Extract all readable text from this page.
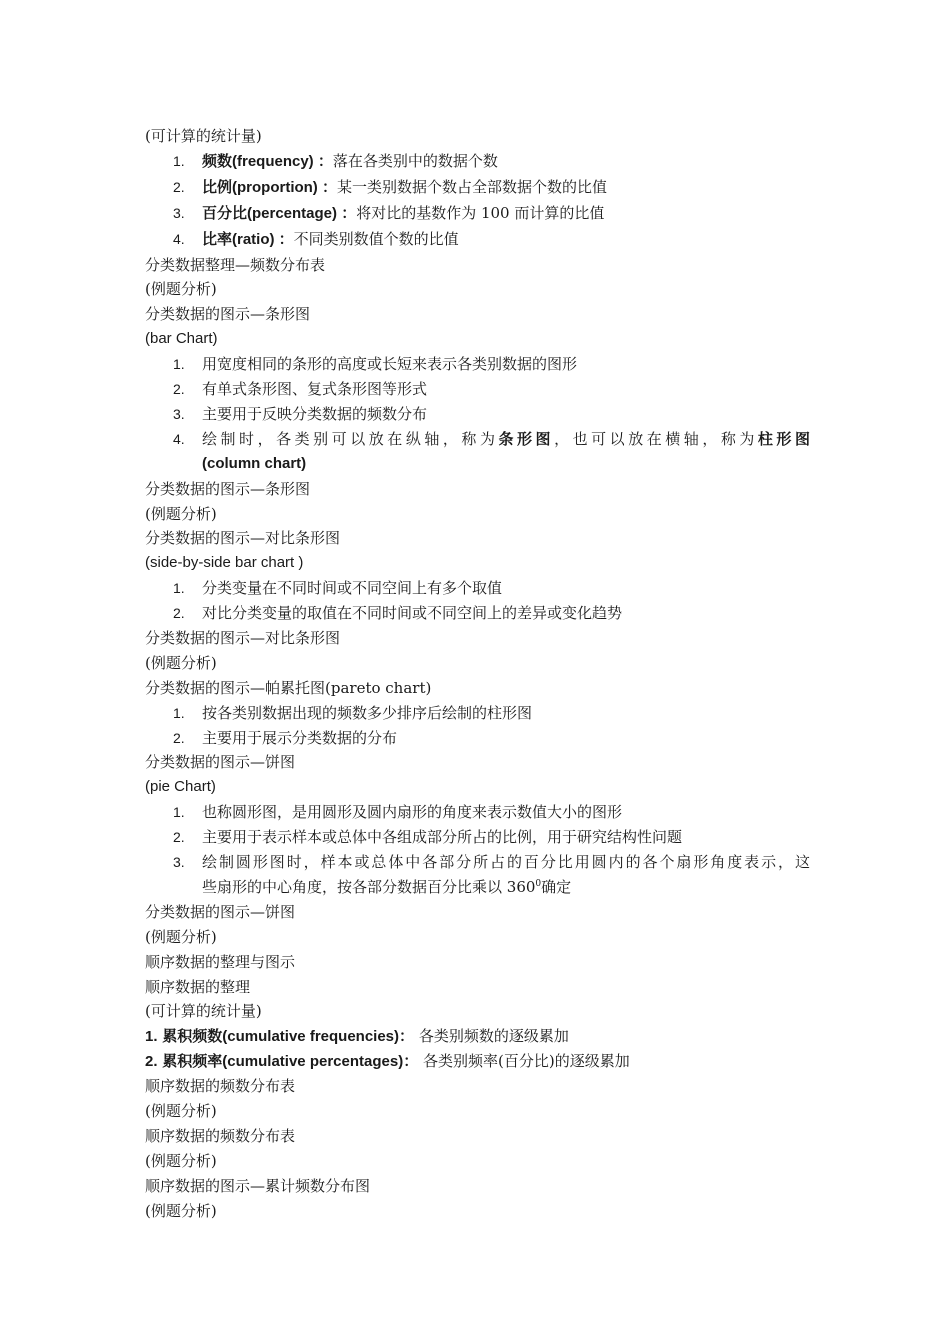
(可计算的统计量)
1. 频数(frequency) ：落在各类别中的数据个数
2. 比例(proportion) ：某一类别数据个数占全部数据个数的比值
3. 百分比(percentage) ：将对比的基数作为 100 而计算的比值
4. 比率(ratio) ：不同类别数值个数的比值
分类数据整理—频数分布表
(例题分析)
分类数据的图示—条形图
(bar Chart)
1. 用宽度相同的条形的高度或长短来表示各类别数据的图形
2. 有单式条形图、复式条形图等形式
3. 主要用于反映分类数据的频数分布
4. 绘制时，各类别可以放在纵轴，称为条形图，也可以放在横轴，称为柱形图
(column chart)
分类数据的图示—条形图
(例题分析)
分类数据的图示—对比条形图
(side-by-side bar chart )
1. 分类变量在不同时间或不同空间上有多个取值
2. 对比分类变量的取值在不同时间或不同空间上的差异或变化趋势
分类数据的图示—对比条形图
(例题分析)
分类数据的图示—帕累托图(pareto chart)
1. 按各类别数据出现的频数多少排序后绘制的柱形图
2. 主要用于展示分类数据的分布
分类数据的图示—饼图
(pie Chart)
1. 也称圆形图，是用圆形及圆内扇形的角度来表示数值大小的图形
2. 主要用于表示样本或总体中各组成部分所占的比例，用于研究结构性问题
3. 绘制圆形图时，样本或总体中各部分所占的百分比用圆内的各个扇形角度表示，这
些扇形的中心角度，按各部分数据百分比乘以 $360^0$确定
分类数据的图示—饼图
(例题分析)
顺序数据的整理与图示
顺序数据的整理
(可计算的统计量)
1. 累积频数(cumulative frequencies)： 各类别频数的逐级累加
2. 累积频率(cumulative percentages)： 各类别频率(百分比)的逐级累加
顺序数据的频数分布表
(例题分析)
顺序数据的频数分布表
(例题分析)
顺序数据的图示—累计频数分布图
(例题分析)
